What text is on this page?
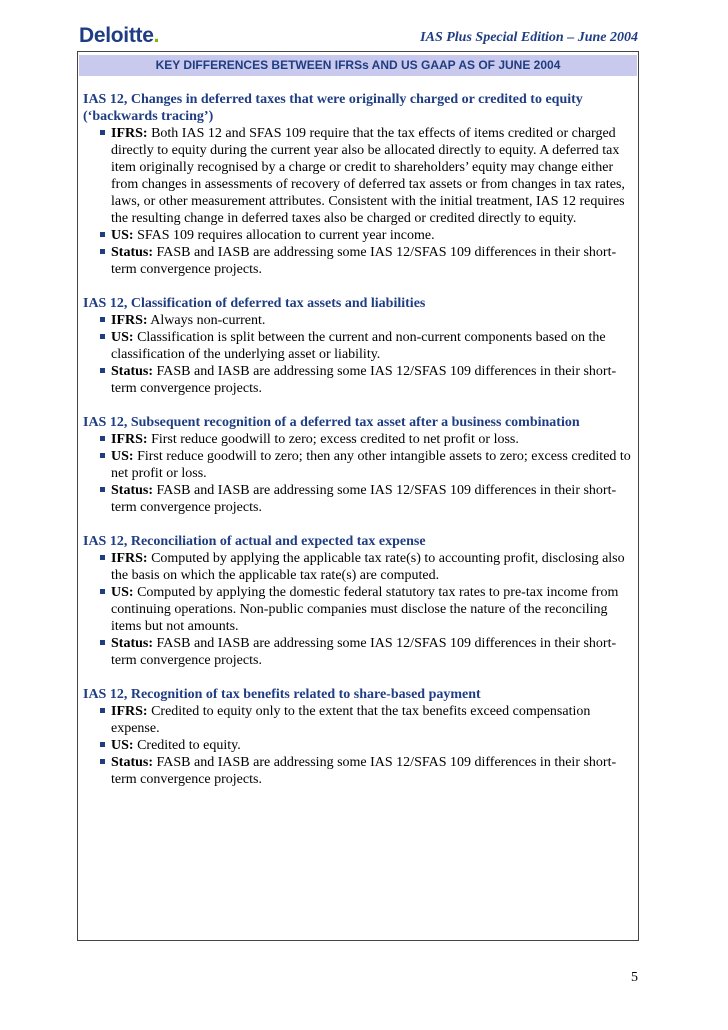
Deloitte.	IAS Plus Special Edition – June 2004
KEY DIFFERENCES BETWEEN IFRSs AND US GAAP AS OF JUNE 2004
IAS 12, Changes in deferred taxes that were originally charged or credited to equity (‘backwards tracing’)
IFRS: Both IAS 12 and SFAS 109 require that the tax effects of items credited or charged directly to equity during the current year also be allocated directly to equity. A deferred tax item originally recognised by a charge or credit to shareholders’ equity may change either from changes in assessments of recovery of deferred tax assets or from changes in tax rates, laws, or other measurement attributes. Consistent with the initial treatment, IAS 12 requires the resulting change in deferred taxes also be charged or credited directly to equity.
US: SFAS 109 requires allocation to current year income.
Status: FASB and IASB are addressing some IAS 12/SFAS 109 differences in their short-term convergence projects.
IAS 12, Classification of deferred tax assets and liabilities
IFRS: Always non-current.
US: Classification is split between the current and non-current components based on the classification of the underlying asset or liability.
Status: FASB and IASB are addressing some IAS 12/SFAS 109 differences in their short-term convergence projects.
IAS 12, Subsequent recognition of a deferred tax asset after a business combination
IFRS: First reduce goodwill to zero; excess credited to net profit or loss.
US: First reduce goodwill to zero; then any other intangible assets to zero; excess credited to net profit or loss.
Status: FASB and IASB are addressing some IAS 12/SFAS 109 differences in their short-term convergence projects.
IAS 12, Reconciliation of actual and expected tax expense
IFRS: Computed by applying the applicable tax rate(s) to accounting profit, disclosing also the basis on which the applicable tax rate(s) are computed.
US: Computed by applying the domestic federal statutory tax rates to pre-tax income from continuing operations. Non-public companies must disclose the nature of the reconciling items but not amounts.
Status: FASB and IASB are addressing some IAS 12/SFAS 109 differences in their short-term convergence projects.
IAS 12, Recognition of tax benefits related to share-based payment
IFRS: Credited to equity only to the extent that the tax benefits exceed compensation expense.
US: Credited to equity.
Status: FASB and IASB are addressing some IAS 12/SFAS 109 differences in their short-term convergence projects.
5
